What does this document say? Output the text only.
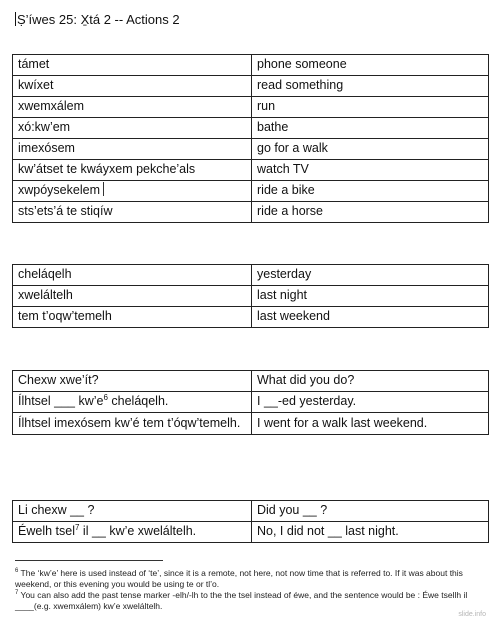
Ṣ’íwes 25: X̱tá 2 -- Actions 2
támet	phone someone
kwíxet	read something
xwemxálem	run
xó:kw’em	bathe
imexósem	go for a walk
kw’átset te kwáyxem pekche’als	watch TV
xwpóysekelem	ride a bike
sts’ets’á te stiqíw	ride a horse
cheláqelh	yesterday
xweláltelh	last night
tem t’oqw’temelh	last weekend
Chexw xwe’ít?	What did you do?
Ílhtsel ___ $kw’e^6$ cheláqelh.	I __-ed yesterday.
Ílhtsel imexósem kw’é tem t’óqw’temelh.	I went for a walk last weekend.
Li chexw __ ?	Did you __ ?
Éwelh tsel$^7$ il __ kw’e xweláltelh.	No, I did not __ last night.

$^6$ The ‘kw’e’ here is used instead of ‘te’, since it is a remote, not here, not now time that is referred to. If it was about this weekend, or this evening you would be using te or tl’o.

$^7$ You can also add the past tense marker -elh/-lh to the the tsel instead of éwe, and the sentence would be : Éwe tsellh il ____(e.g. xwemxálem) kw’e xweláltelh.

slide.info
